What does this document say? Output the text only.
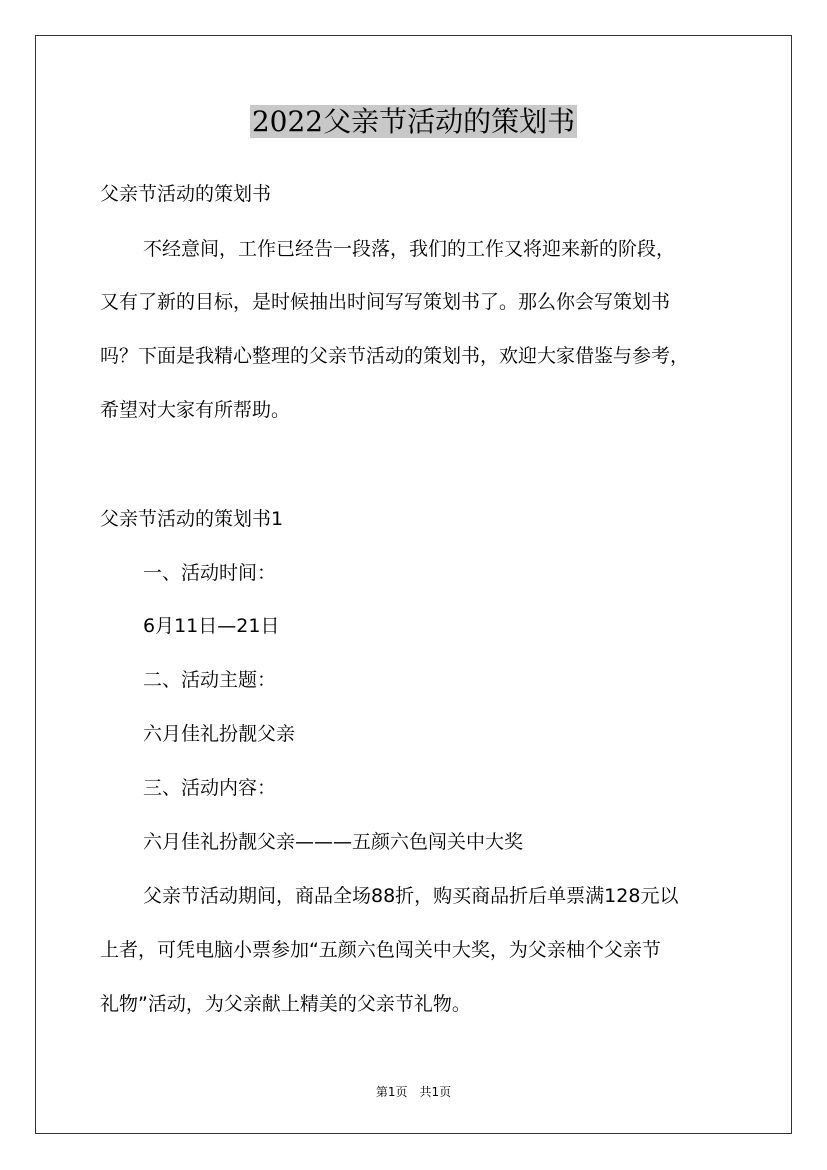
2022父亲节活动的策划书
父亲节活动的策划书
不经意间，工作已经告一段落，我们的工作又将迎来新的阶段，
又有了新的目标，是时候抽出时间写写策划书了。那么你会写策划书
吗？下面是我精心整理的父亲节活动的策划书，欢迎大家借鉴与参考，
希望对大家有所帮助。
父亲节活动的策划书1
一、活动时间：
6月11日—21日
二、活动主题：
六月佳礼扮靓父亲
三、活动内容：
六月佳礼扮靓父亲———五颜六色闯关中大奖
父亲节活动期间，商品全场88折，购买商品折后单票满128元以
上者，可凭电脑小票参加“五颜六色闯关中大奖，为父亲柚个父亲节
礼物”活动，为父亲献上精美的父亲节礼物。
第1页 共1页
